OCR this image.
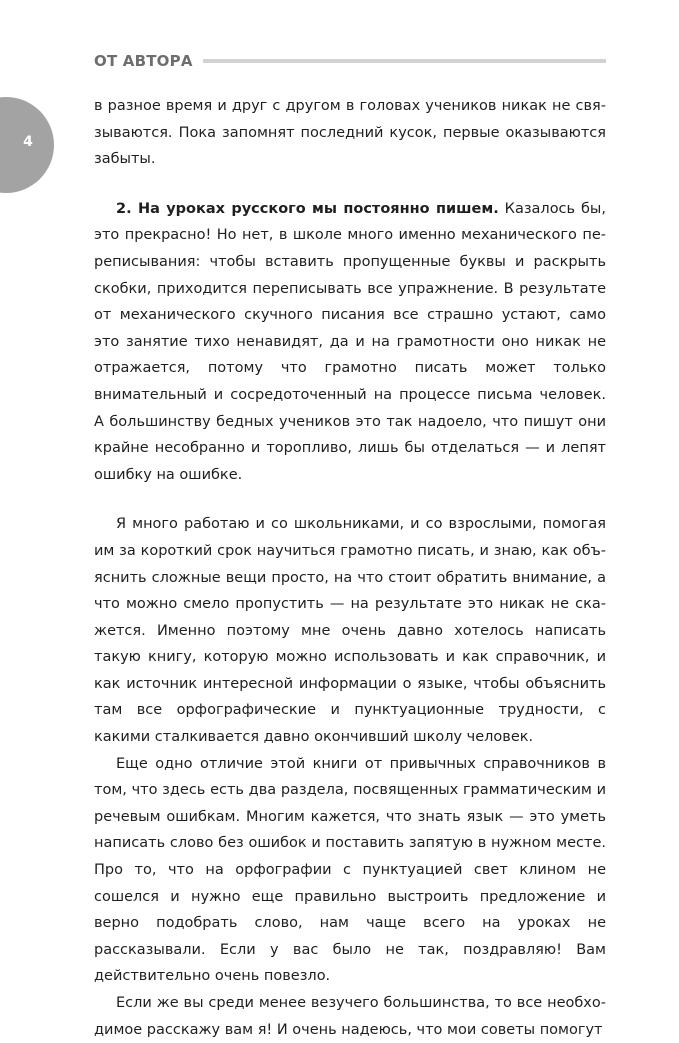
ОТ АВТОРА
4

в разное время и друг с другом в головах учеников никак не связываются. Пока запомнят последний кусок, первые оказываются забыты.

2. На уроках русского мы постоянно пишем. Казалось бы, это прекрасно! Но нет, в школе много именно механического переписывания: чтобы вставить пропущенные буквы и раскрыть скобки, приходится переписывать все упражнение. В результате от механического скучного писания все страшно устают, само это занятие тихо ненавидят, да и на грамотности оно никак не отражается, потому что грамотно писать может только внимательный и сосредоточенный на процессе письма человек. А большинству бедных учеников это так надоело, что пишут они крайне несобранно и торопливо, лишь бы отделаться — и лепят ошибку на ошибке.

Я много работаю и со школьниками, и со взрослыми, помогая им за короткий срок научиться грамотно писать, и знаю, как объяснить сложные вещи просто, на что стоит обратить внимание, а что можно смело пропустить — на результате это никак не скажется. Именно поэтому мне очень давно хотелось написать такую книгу, которую можно использовать и как справочник, и как источник интересной информации о языке, чтобы объяснить там все орфографические и пунктуационные трудности, с какими сталкивается давно окончивший школу человек.

Еще одно отличие этой книги от привычных справочников в том, что здесь есть два раздела, посвященных грамматическим и речевым ошибкам. Многим кажется, что знать язык — это уметь написать слово без ошибок и поставить запятую в нужном месте. Про то, что на орфографии с пунктуацией свет клином не сошелся и нужно еще правильно выстроить предложение и верно подобрать слово, нам чаще всего на уроках не рассказывали. Если у вас было не так, поздравляю! Вам действительно очень повезло.

Если же вы среди менее везучего большинства, то все необходимое расскажу вам я! И очень надеюсь, что мои советы помогут
